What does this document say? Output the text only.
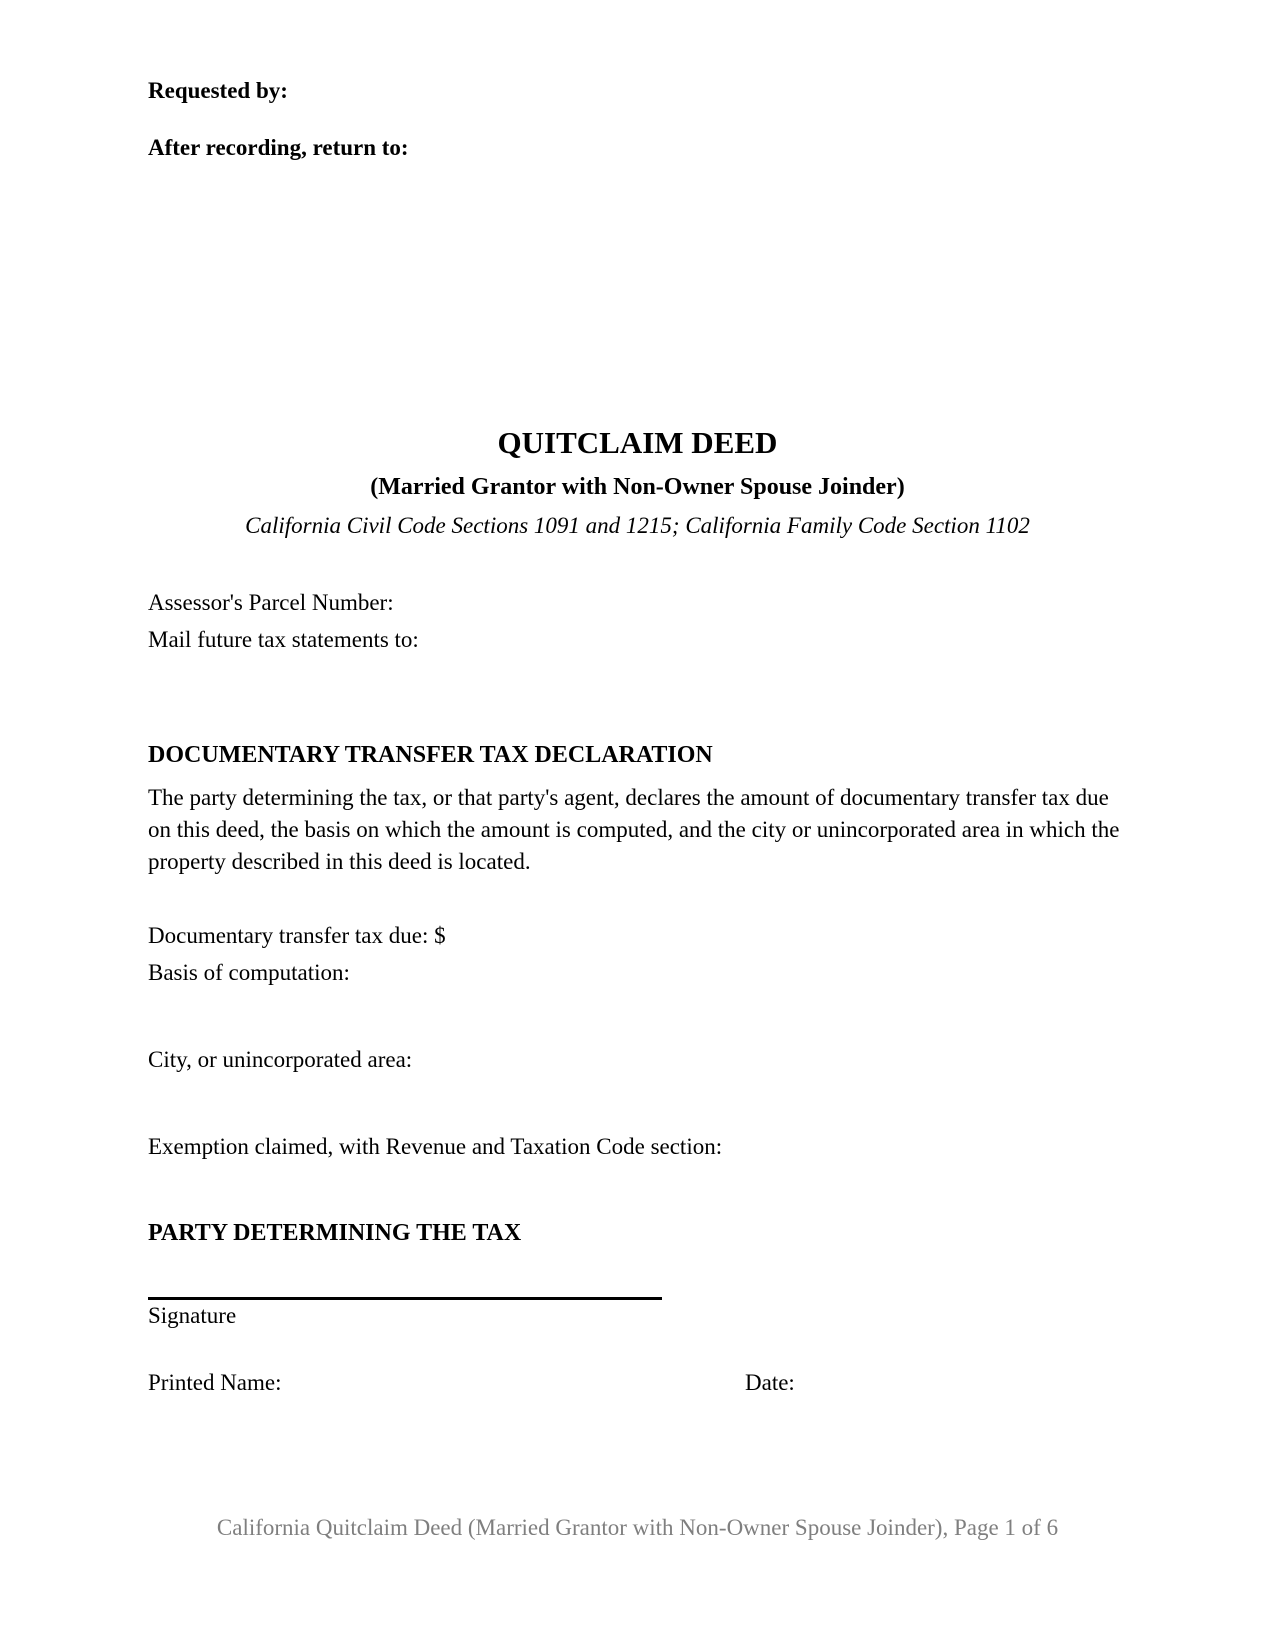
Requested by:
After recording, return to:
QUITCLAIM DEED
(Married Grantor with Non-Owner Spouse Joinder)
California Civil Code Sections 1091 and 1215; California Family Code Section 1102
Assessor's Parcel Number:
Mail future tax statements to:
DOCUMENTARY TRANSFER TAX DECLARATION
The party determining the tax, or that party's agent, declares the amount of documentary transfer tax due on this deed, the basis on which the amount is computed, and the city or unincorporated area in which the property described in this deed is located.
Documentary transfer tax due: $
Basis of computation:
City, or unincorporated area:
Exemption claimed, with Revenue and Taxation Code section:
PARTY DETERMINING THE TAX
Signature
Printed Name:	Date:
California Quitclaim Deed (Married Grantor with Non-Owner Spouse Joinder), Page 1 of 6
